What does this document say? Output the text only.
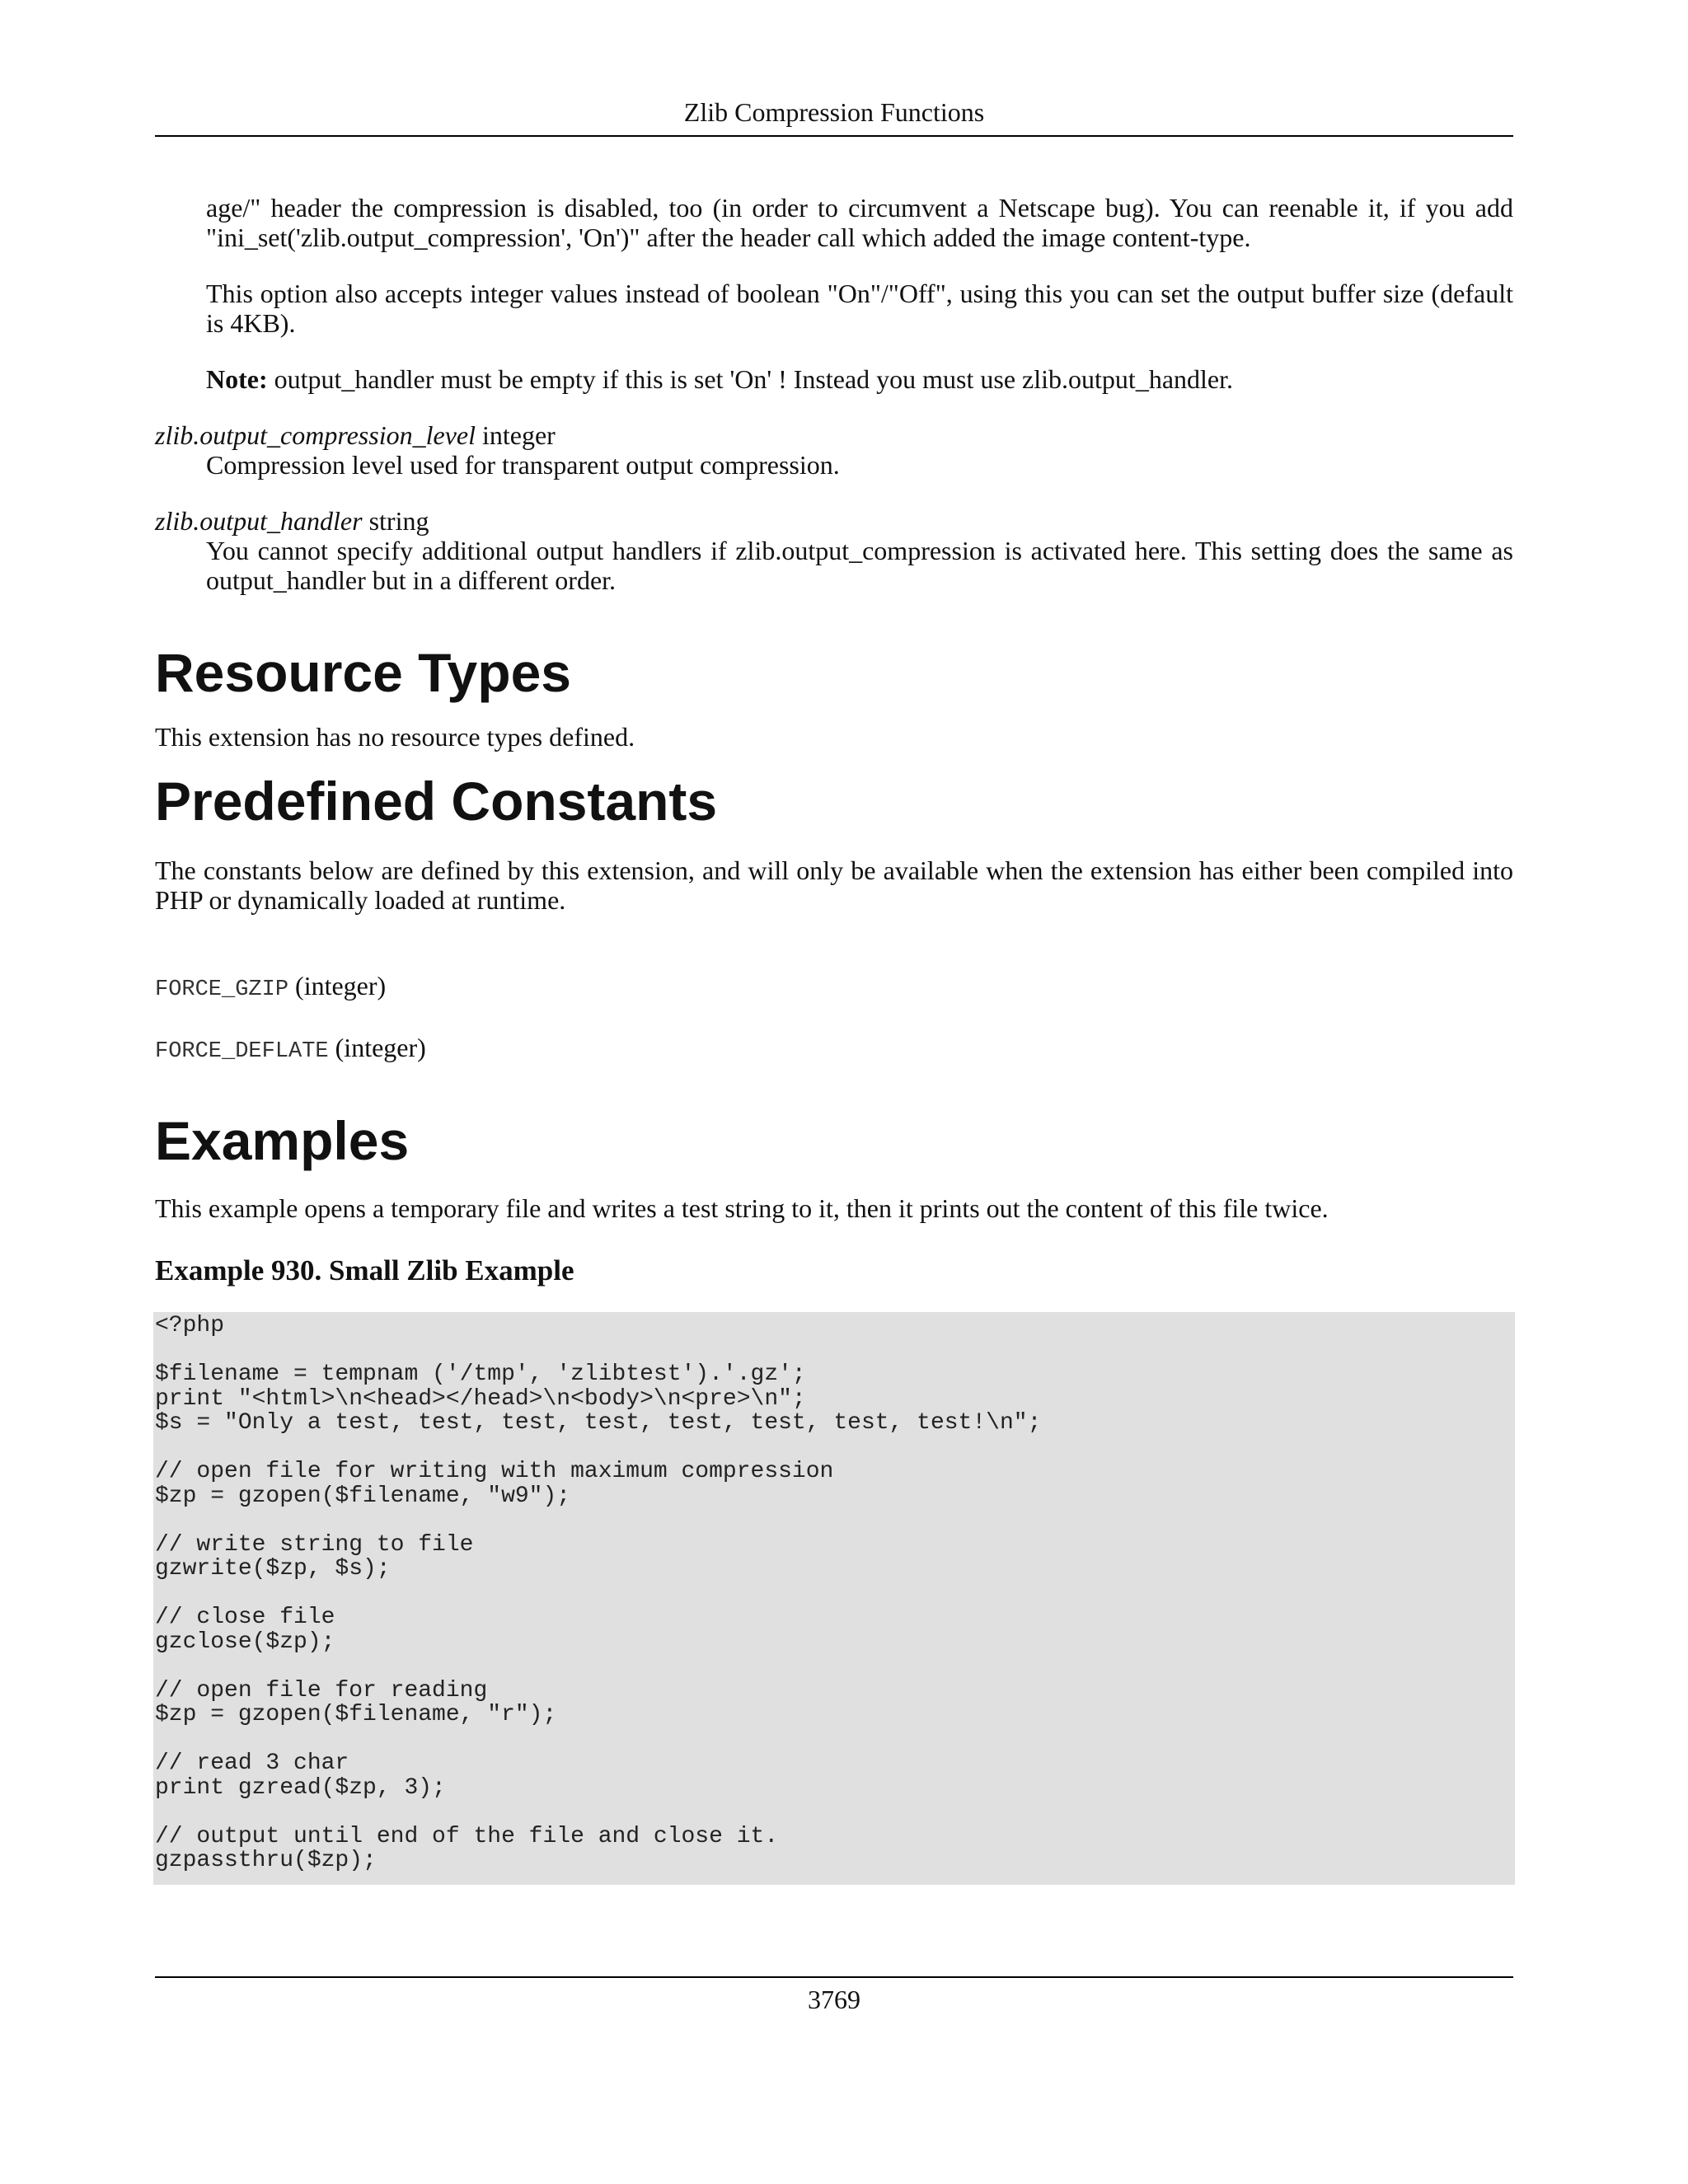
Zlib Compression Functions

age/" header the compression is disabled, too (in order to circumvent a Netscape bug). You can reenable it, if you add "ini_set('zlib.output_compression', 'On')" after the header call which added the image content-type.

This option also accepts integer values instead of boolean "On"/"Off", using this you can set the output buffer size (default is 4KB).

Note: output_handler must be empty if this is set 'On' ! Instead you must use zlib.output_handler.

zlib.output_compression_level integer

Compression level used for transparent output compression.

zlib.output_handler string

You cannot specify additional output handlers if zlib.output_compression is activated here. This setting does the same as output_handler but in a different order.

Resource Types

This extension has no resource types defined.

Predefined Constants

The constants below are defined by this extension, and will only be available when the extension has either been compiled into PHP or dynamically loaded at runtime.

FORCE_GZIP (integer)
FORCE_DEFLATE (integer)
Examples

This example opens a temporary file and writes a test string to it, then it prints out the content of this file twice.

Example 930. Small Zlib Example
<?php
$filename = tempnam ('/tmp', 'zlibtest').'.gz';
print "<html>\n<head></head>\n<body>\n<pre>\n";
$s = "Only a test, test, test, test, test, test, test, test!\n";
// open file for writing with maximum compression
$zp = gzopen($filename, "w9");
// write string to file
gzwrite($zp, $s);
// close file
gzclose($zp);
// open file for reading
$zp = gzopen($filename, "r");
// read 3 char
print gzread($zp, 3);
// output until end of the file and close it.
gzpassthru($zp);
3769
